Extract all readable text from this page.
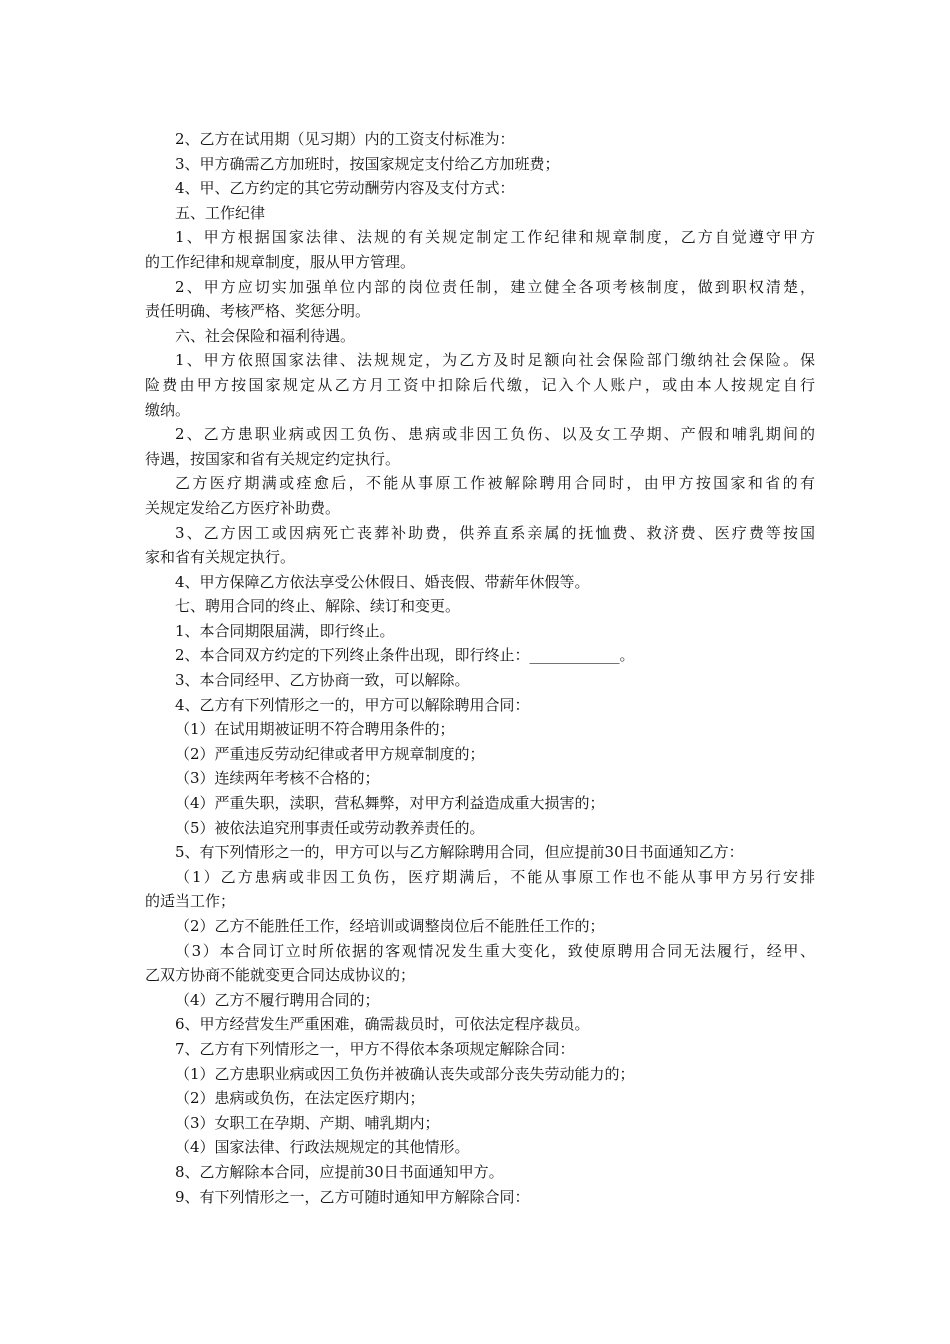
2、乙方在试用期（见习期）内的工资支付标准为：
3、甲方确需乙方加班时，按国家规定支付给乙方加班费；
4、甲、乙方约定的其它劳动酬劳内容及支付方式：
五、工作纪律
1、甲方根据国家法律、法规的有关规定制定工作纪律和规章制度，乙方自觉遵守甲方
的工作纪律和规章制度，服从甲方管理。
2、甲方应切实加强单位内部的岗位责任制，建立健全各项考核制度，做到职权清楚，
责任明确、考核严格、奖惩分明。
六、社会保险和福利待遇。
1、甲方依照国家法律、法规规定，为乙方及时足额向社会保险部门缴纳社会保险。保
险费由甲方按国家规定从乙方月工资中扣除后代缴，记入个人账户，或由本人按规定自行
缴纳。
2、乙方患职业病或因工负伤、患病或非因工负伤、以及女工孕期、产假和哺乳期间的
待遇，按国家和省有关规定约定执行。
乙方医疗期满或痊愈后，不能从事原工作被解除聘用合同时，由甲方按国家和省的有
关规定发给乙方医疗补助费。
3、乙方因工或因病死亡丧葬补助费，供养直系亲属的抚恤费、救济费、医疗费等按国
家和省有关规定执行。
4、甲方保障乙方依法享受公休假日、婚丧假、带薪年休假等。
七、聘用合同的终止、解除、续订和变更。
1、本合同期限届满，即行终止。
2、本合同双方约定的下列终止条件出现，即行终止：____________。
3、本合同经甲、乙方协商一致，可以解除。
4、乙方有下列情形之一的，甲方可以解除聘用合同：
（1）在试用期被证明不符合聘用条件的；
（2）严重违反劳动纪律或者甲方规章制度的；
（3）连续两年考核不合格的；
（4）严重失职，渎职，营私舞弊，对甲方利益造成重大损害的；
（5）被依法追究刑事责任或劳动教养责任的。
5、有下列情形之一的，甲方可以与乙方解除聘用合同，但应提前30日书面通知乙方：
（1）乙方患病或非因工负伤，医疗期满后，不能从事原工作也不能从事甲方另行安排
的适当工作；
（2）乙方不能胜任工作，经培训或调整岗位后不能胜任工作的；
（3）本合同订立时所依据的客观情况发生重大变化，致使原聘用合同无法履行，经甲、
乙双方协商不能就变更合同达成协议的；
（4）乙方不履行聘用合同的；
6、甲方经营发生严重困难，确需裁员时，可依法定程序裁员。
7、乙方有下列情形之一，甲方不得依本条项规定解除合同：
（1）乙方患职业病或因工负伤并被确认丧失或部分丧失劳动能力的；
（2）患病或负伤，在法定医疗期内；
（3）女职工在孕期、产期、哺乳期内；
（4）国家法律、行政法规规定的其他情形。
8、乙方解除本合同，应提前30日书面通知甲方。
9、有下列情形之一，乙方可随时通知甲方解除合同：
